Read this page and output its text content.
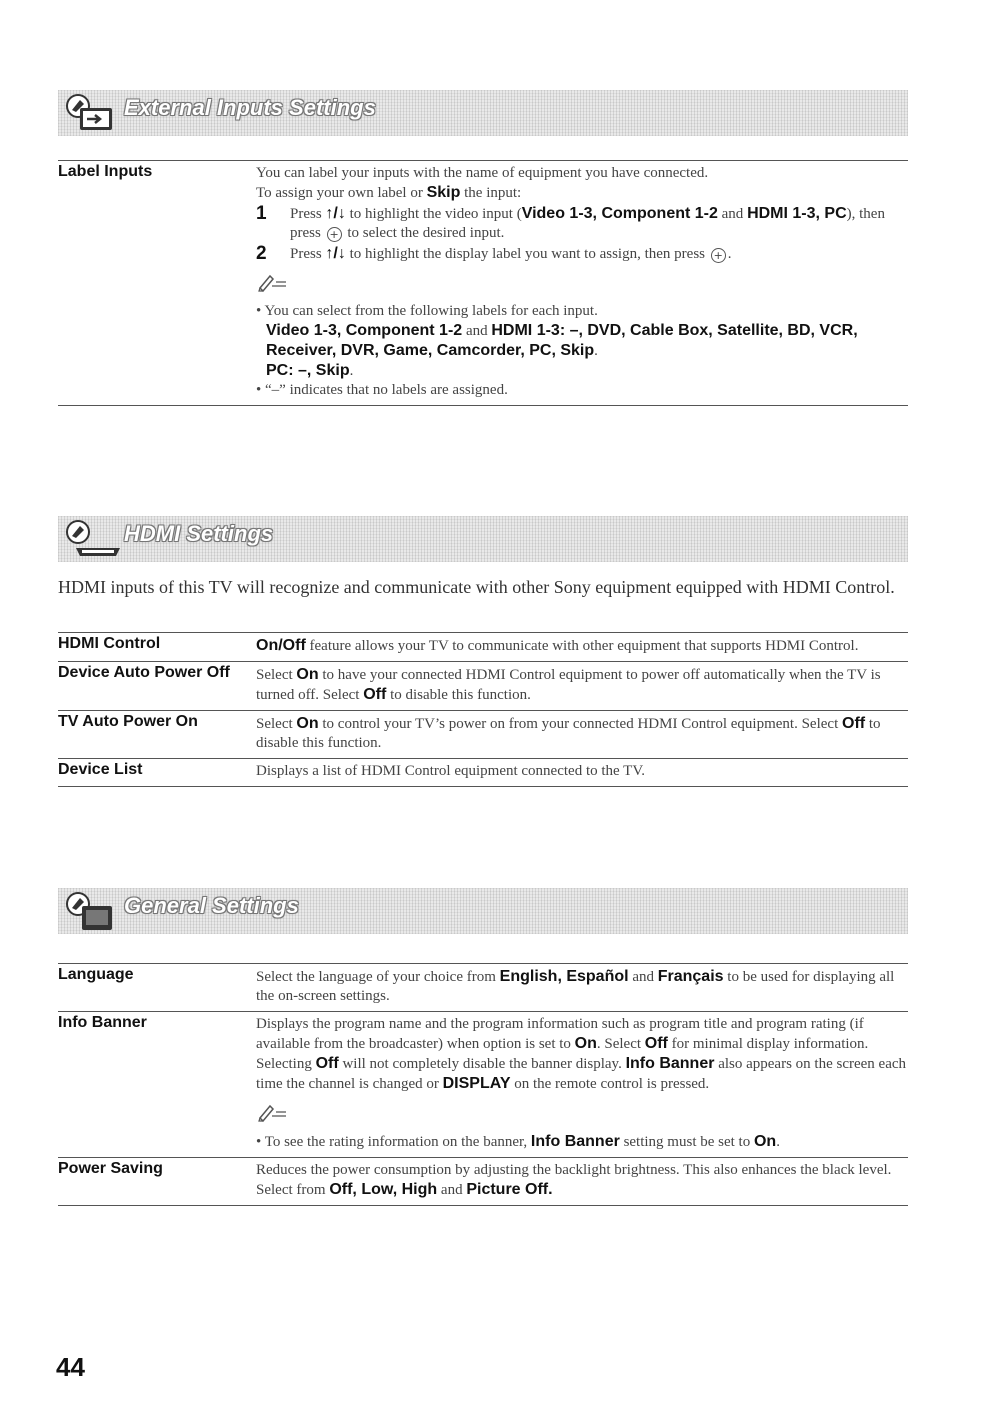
External Inputs Settings
Label Inputs	You can label your inputs with the name of equipment you have connected.
To assign your own label or Skip the input:
1	Press ↑/↓ to highlight the video input (Video 1-3, Component 1-2 and HDMI 1-3, PC), then press + to select the desired input.
2	Press ↑/↓ to highlight the display label you want to assign, then press + .
• You can select from the following labels for each input.
Video 1-3, Component 1-2 and HDMI 1-3: –, DVD, Cable Box, Satellite, BD, VCR, Receiver, DVR, Game, Camcorder, PC, Skip.
PC: –, Skip.
• “–” indicates that no labels are assigned.
HDMI Settings
HDMI inputs of this TV will recognize and communicate with other Sony equipment equipped with HDMI Control.
HDMI Control	On/Off feature allows your TV to communicate with other equipment that supports HDMI Control.
Device Auto Power Off	Select On to have your connected HDMI Control equipment to power off automatically when the TV is turned off. Select Off to disable this function.
TV Auto Power On	Select On to control your TV’s power on from your connected HDMI Control equipment. Select Off to disable this function.
Device List	Displays a list of HDMI Control equipment connected to the TV.
General Settings
Language	Select the language of your choice from English, Español and Français to be used for displaying all the on-screen settings.
Info Banner	Displays the program name and the program information such as program title and program rating (if available from the broadcaster) when option is set to On. Select Off for minimal display information. Selecting Off will not completely disable the banner display. Info Banner also appears on the screen each time the channel is changed or DISPLAY on the remote control is pressed.
• To see the rating information on the banner, Info Banner setting must be set to On.
Power Saving	Reduces the power consumption by adjusting the backlight brightness. This also enhances the black level. Select from Off, Low, High and Picture Off.
44
